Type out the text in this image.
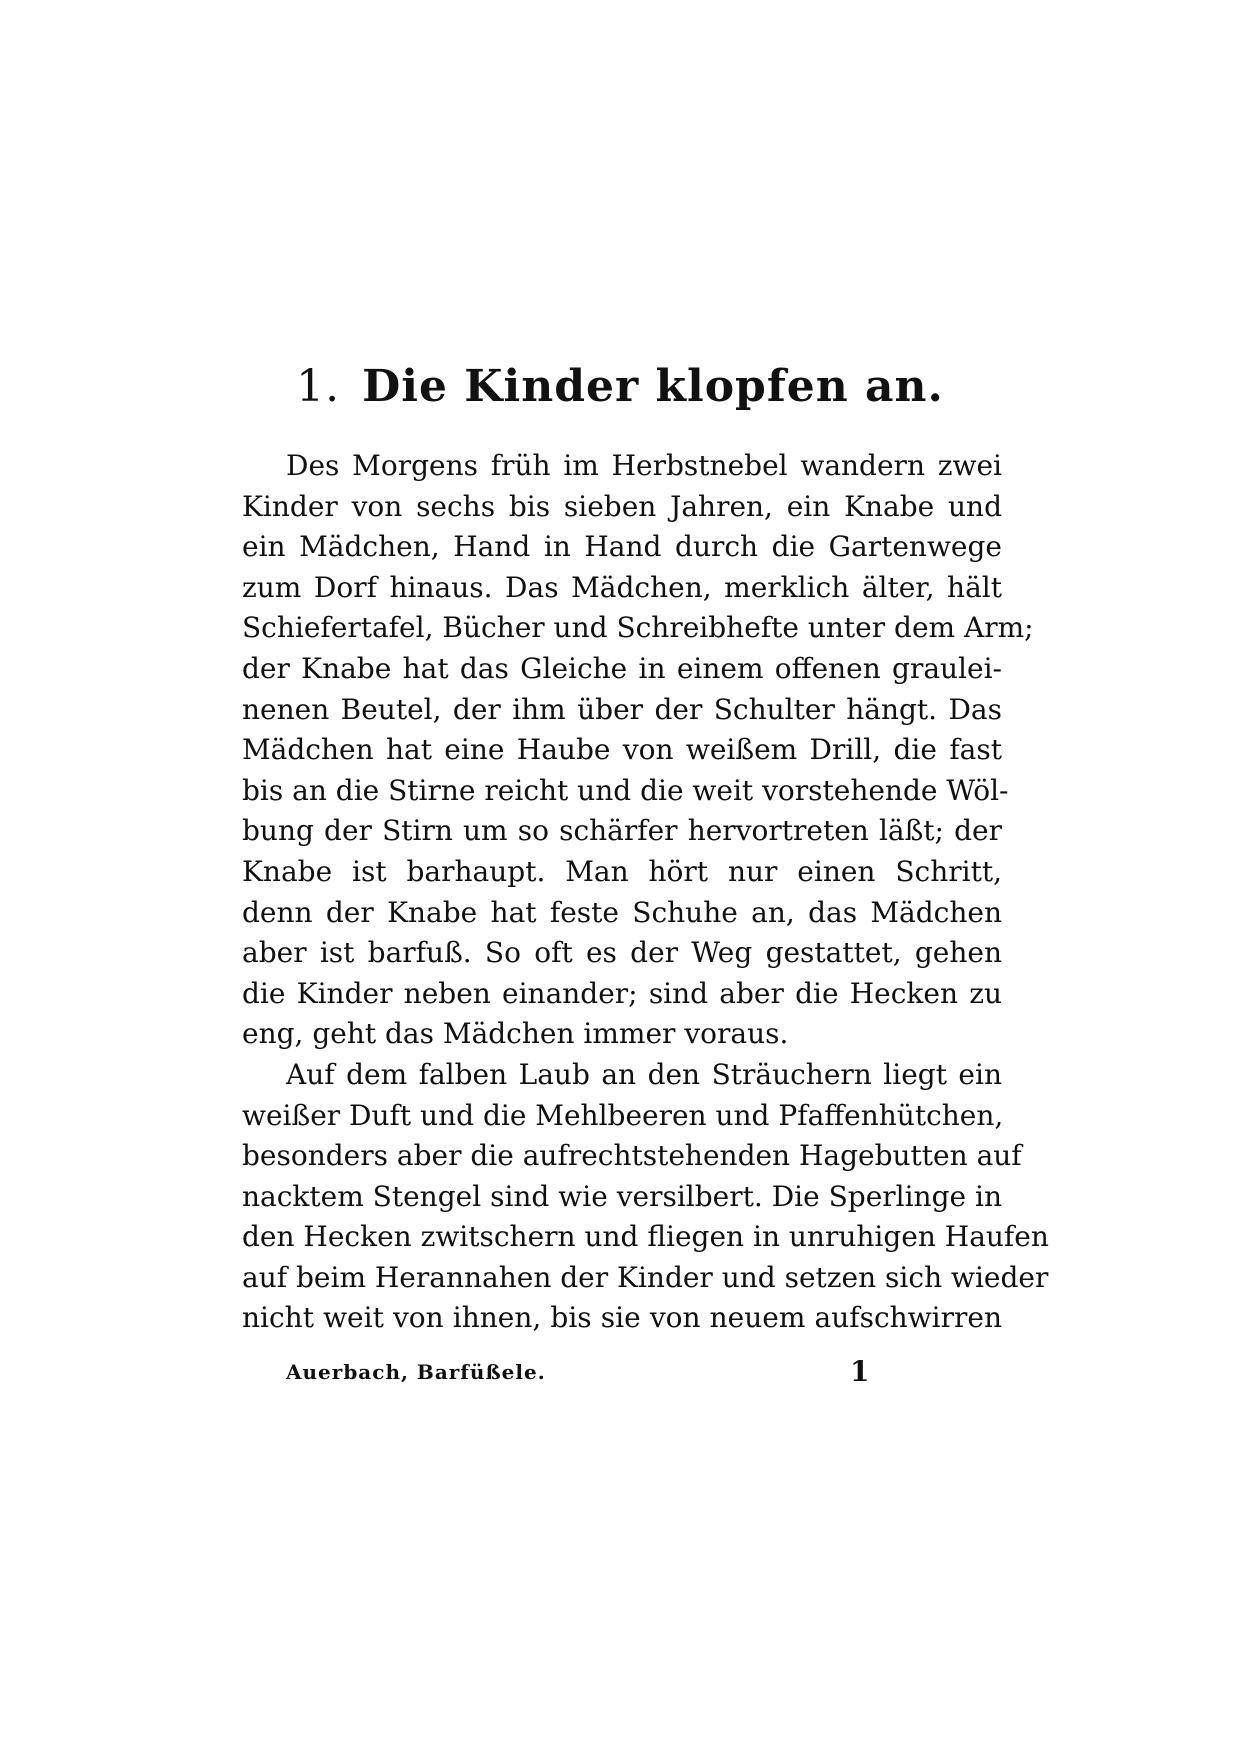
1. Die Kinder klopfen an.
Des Morgens früh im Herbstnebel wandern zwei
Kinder von sechs bis sieben Jahren, ein Knabe und
ein Mädchen, Hand in Hand durch die Gartenwege
zum Dorf hinaus. Das Mädchen, merklich älter, hält
Schiefertafel, Bücher und Schreibhefte unter dem Arm;
der Knabe hat das Gleiche in einem offenen graulei-
nenen Beutel, der ihm über der Schulter hängt. Das
Mädchen hat eine Haube von weißem Drill, die fast
bis an die Stirne reicht und die weit vorstehende Wöl-
bung der Stirn um so schärfer hervortreten läßt; der
Knabe ist barhaupt. Man hört nur einen Schritt,
denn der Knabe hat feste Schuhe an, das Mädchen
aber ist barfuß. So oft es der Weg gestattet, gehen
die Kinder neben einander; sind aber die Hecken zu
eng, geht das Mädchen immer voraus.
Auf dem falben Laub an den Sträuchern liegt ein
weißer Duft und die Mehlbeeren und Pfaffenhütchen,
besonders aber die aufrechtstehenden Hagebutten auf
nacktem Stengel sind wie versilbert. Die Sperlinge in
den Hecken zwitschern und fliegen in unruhigen Haufen
auf beim Herannahen der Kinder und setzen sich wieder
nicht weit von ihnen, bis sie von neuem aufschwirren
Auerbach, Barfüßele.	1
